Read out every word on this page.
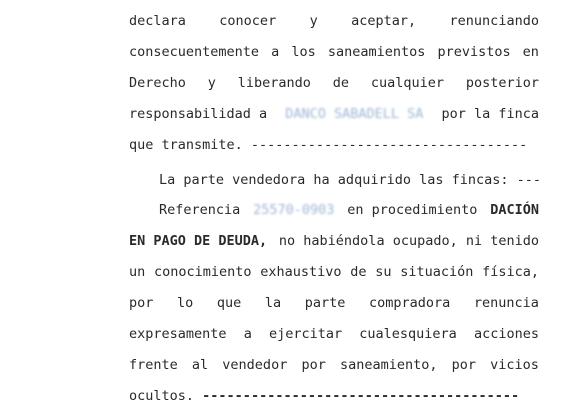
declara conocer y aceptar, renunciando
consecuentemente a los saneamientos previstos en
Derecho y liberando de cualquier posterior
responsabilidad a DANCO SABADELL SA por la finca
que transmite. ----------------------------------
La parte vendedora ha adquirido las fincas: ---
Referencia 25570-0903 en procedimiento DACIÓN
EN PAGO DE DEUDA, no habiéndola ocupado, ni tenido
un conocimiento exhaustivo de su situación física,
por lo que la parte compradora renuncia
expresamente a ejercitar cualesquiera acciones
frente al vendedor por saneamiento, por vicios
ocultos. ---------------------------------------
